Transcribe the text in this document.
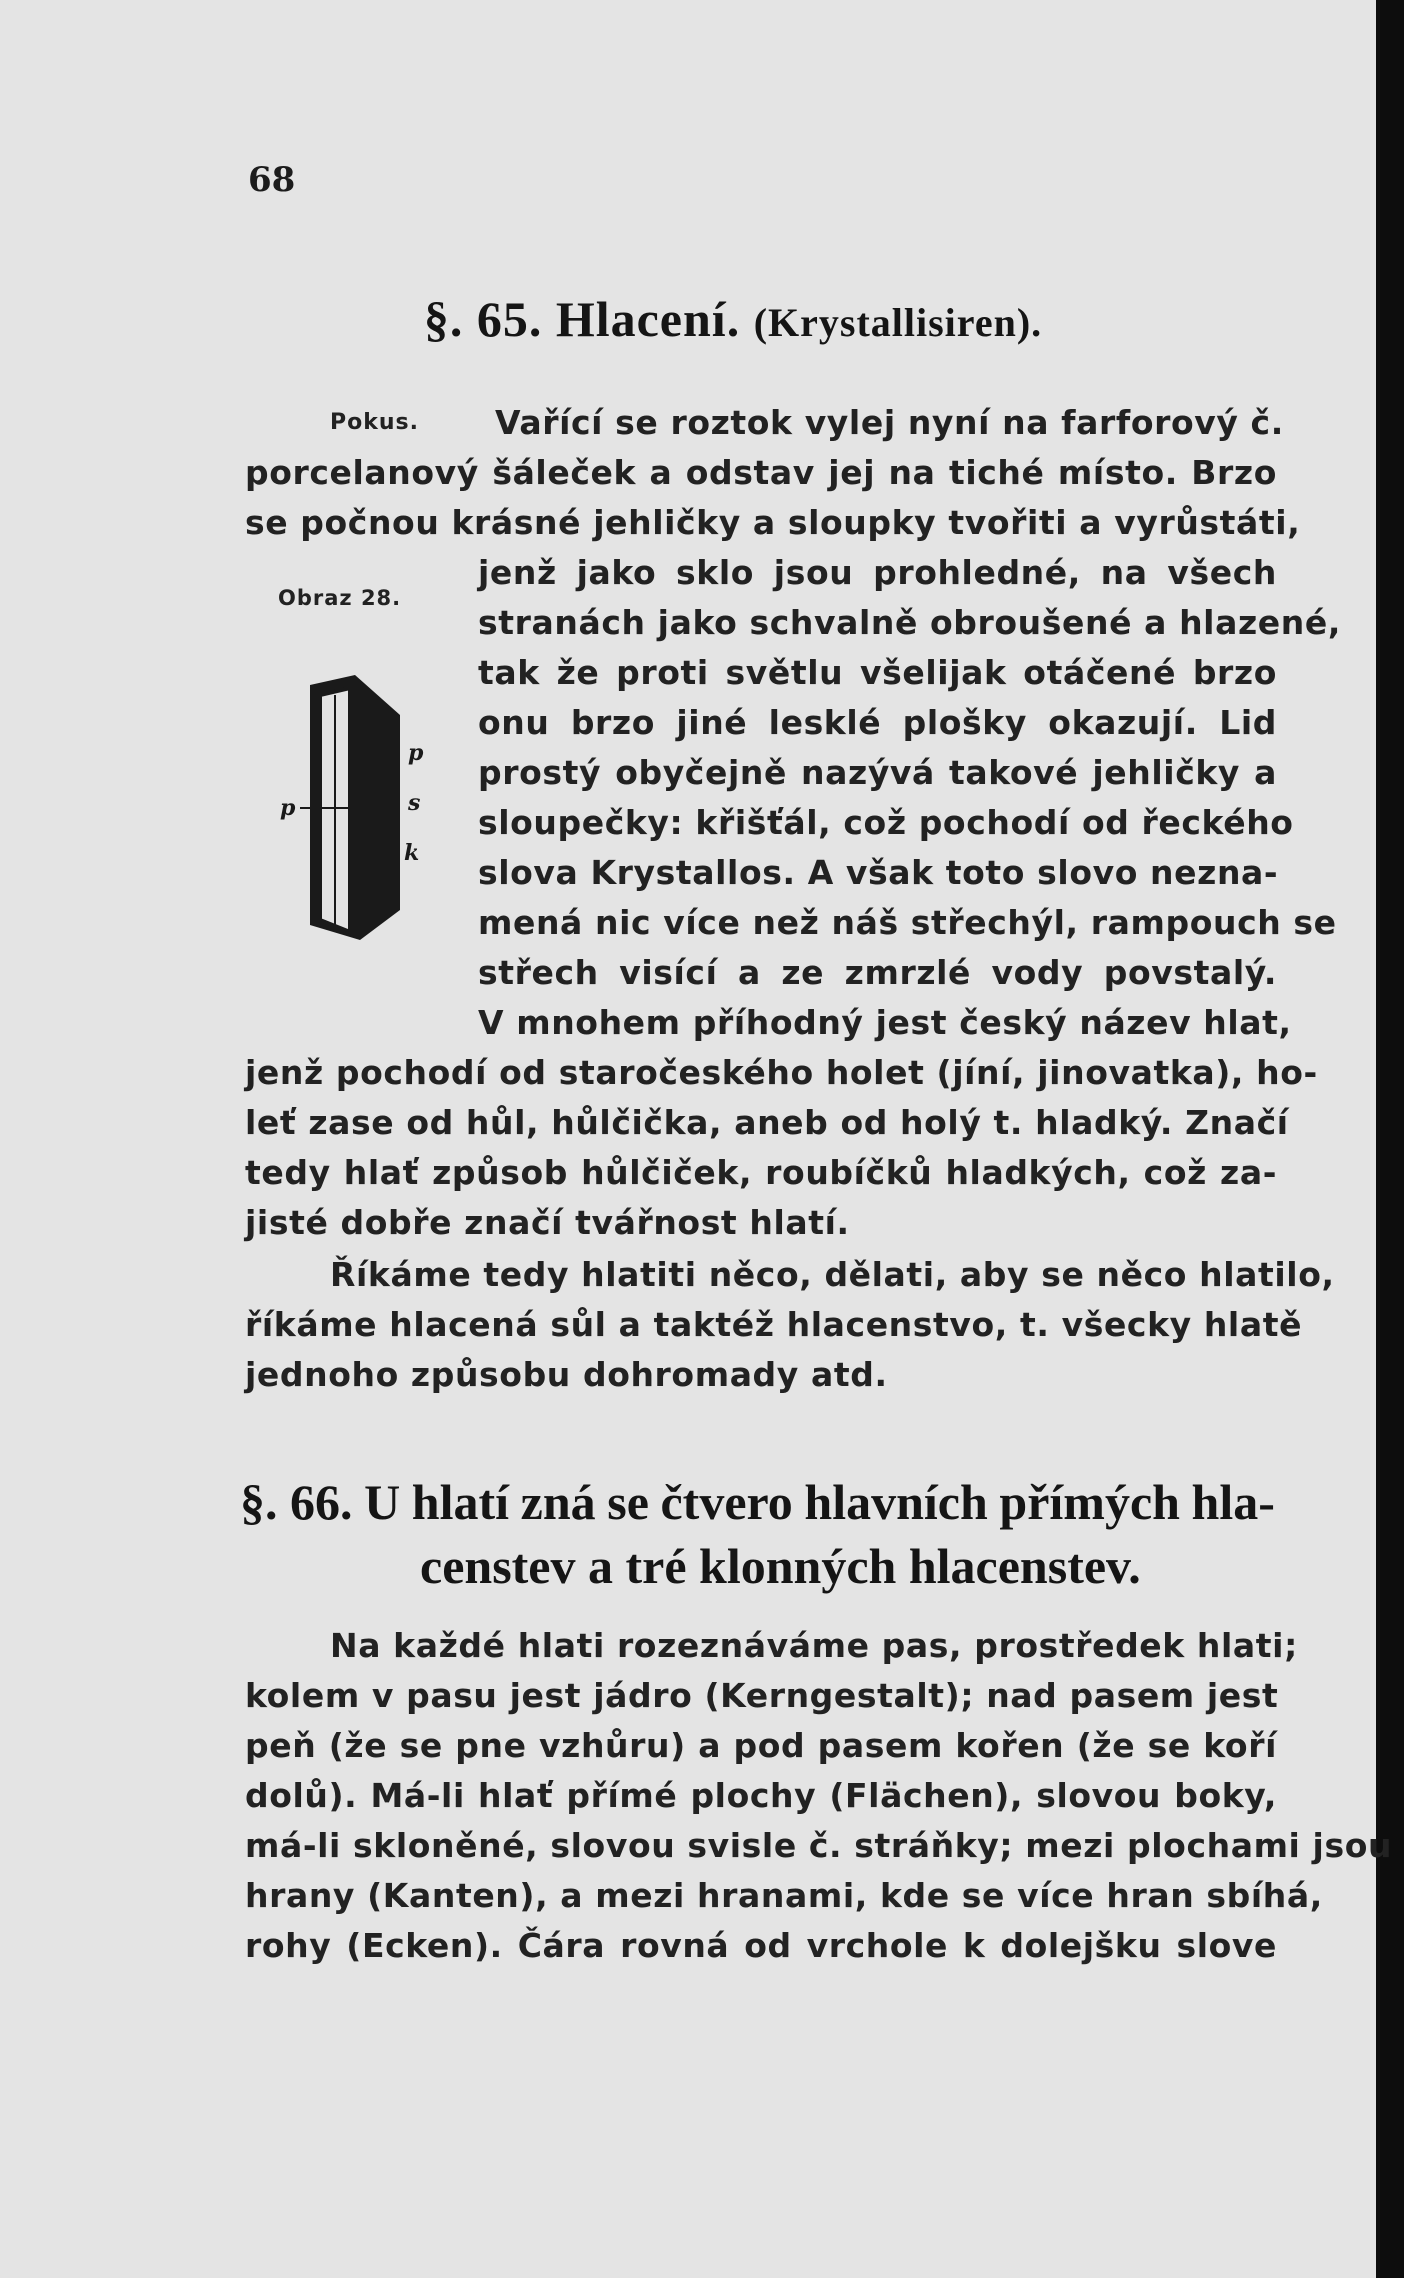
68
§. 65. Hlacení. (Krystallisiren).
Pokus. Vařící se roztok vylej nyní na farforový č.
porcelanový šáleček a odstav jej na tiché místo. Brzo
se počnou krásné jehličky a sloupky tvořiti a vyrůstáti,
Obraz 28.
jenž jako sklo jsou prohledné, na všech
stranách jako schvalně obroušené a hlazené,
tak že proti světlu všelijak otáčené brzo
onu brzo jiné lesklé plošky okazují. Lid
prostý obyčejně nazývá takové jehličky a
sloupečky: křišťál, což pochodí od řeckého
slova Krystallos. A však toto slovo nezna-
mená nic více než náš střechýl, rampouch se
střech visící a ze zmrzlé vody povstalý.
V mnohem příhodný jest český název hlat,
jenž pochodí od staročeského holet (jíní, jinovatka), ho-
leť zase od hůl, hůlčička, aneb od holý t. hladký. Značí
tedy hlať způsob hůlčiček, roubíčků hladkých, což za-
jisté dobře značí tvářnost hlatí.
Říkáme tedy hlatiti něco, dělati, aby se něco hlatilo,
říkáme hlacená sůl a taktéž hlacenstvo, t. všecky hlatě
jednoho způsobu dohromady atd.
p
p
s
k
§. 66. U hlatí zná se čtvero hlavních přímých hla-
censtev a tré klonných hlacenstev.
Na každé hlati rozeznáváme pas, prostředek hlati;
kolem v pasu jest jádro (Kerngestalt); nad pasem jest
peň (že se pne vzhůru) a pod pasem kořen (že se koří
dolů). Má-li hlať přímé plochy (Flächen), slovou boky,
má-li skloněné, slovou svisle č. stráňky; mezi plochami jsou
hrany (Kanten), a mezi hranami, kde se více hran sbíhá,
rohy (Ecken). Čára rovná od vrchole k dolejšku slove
